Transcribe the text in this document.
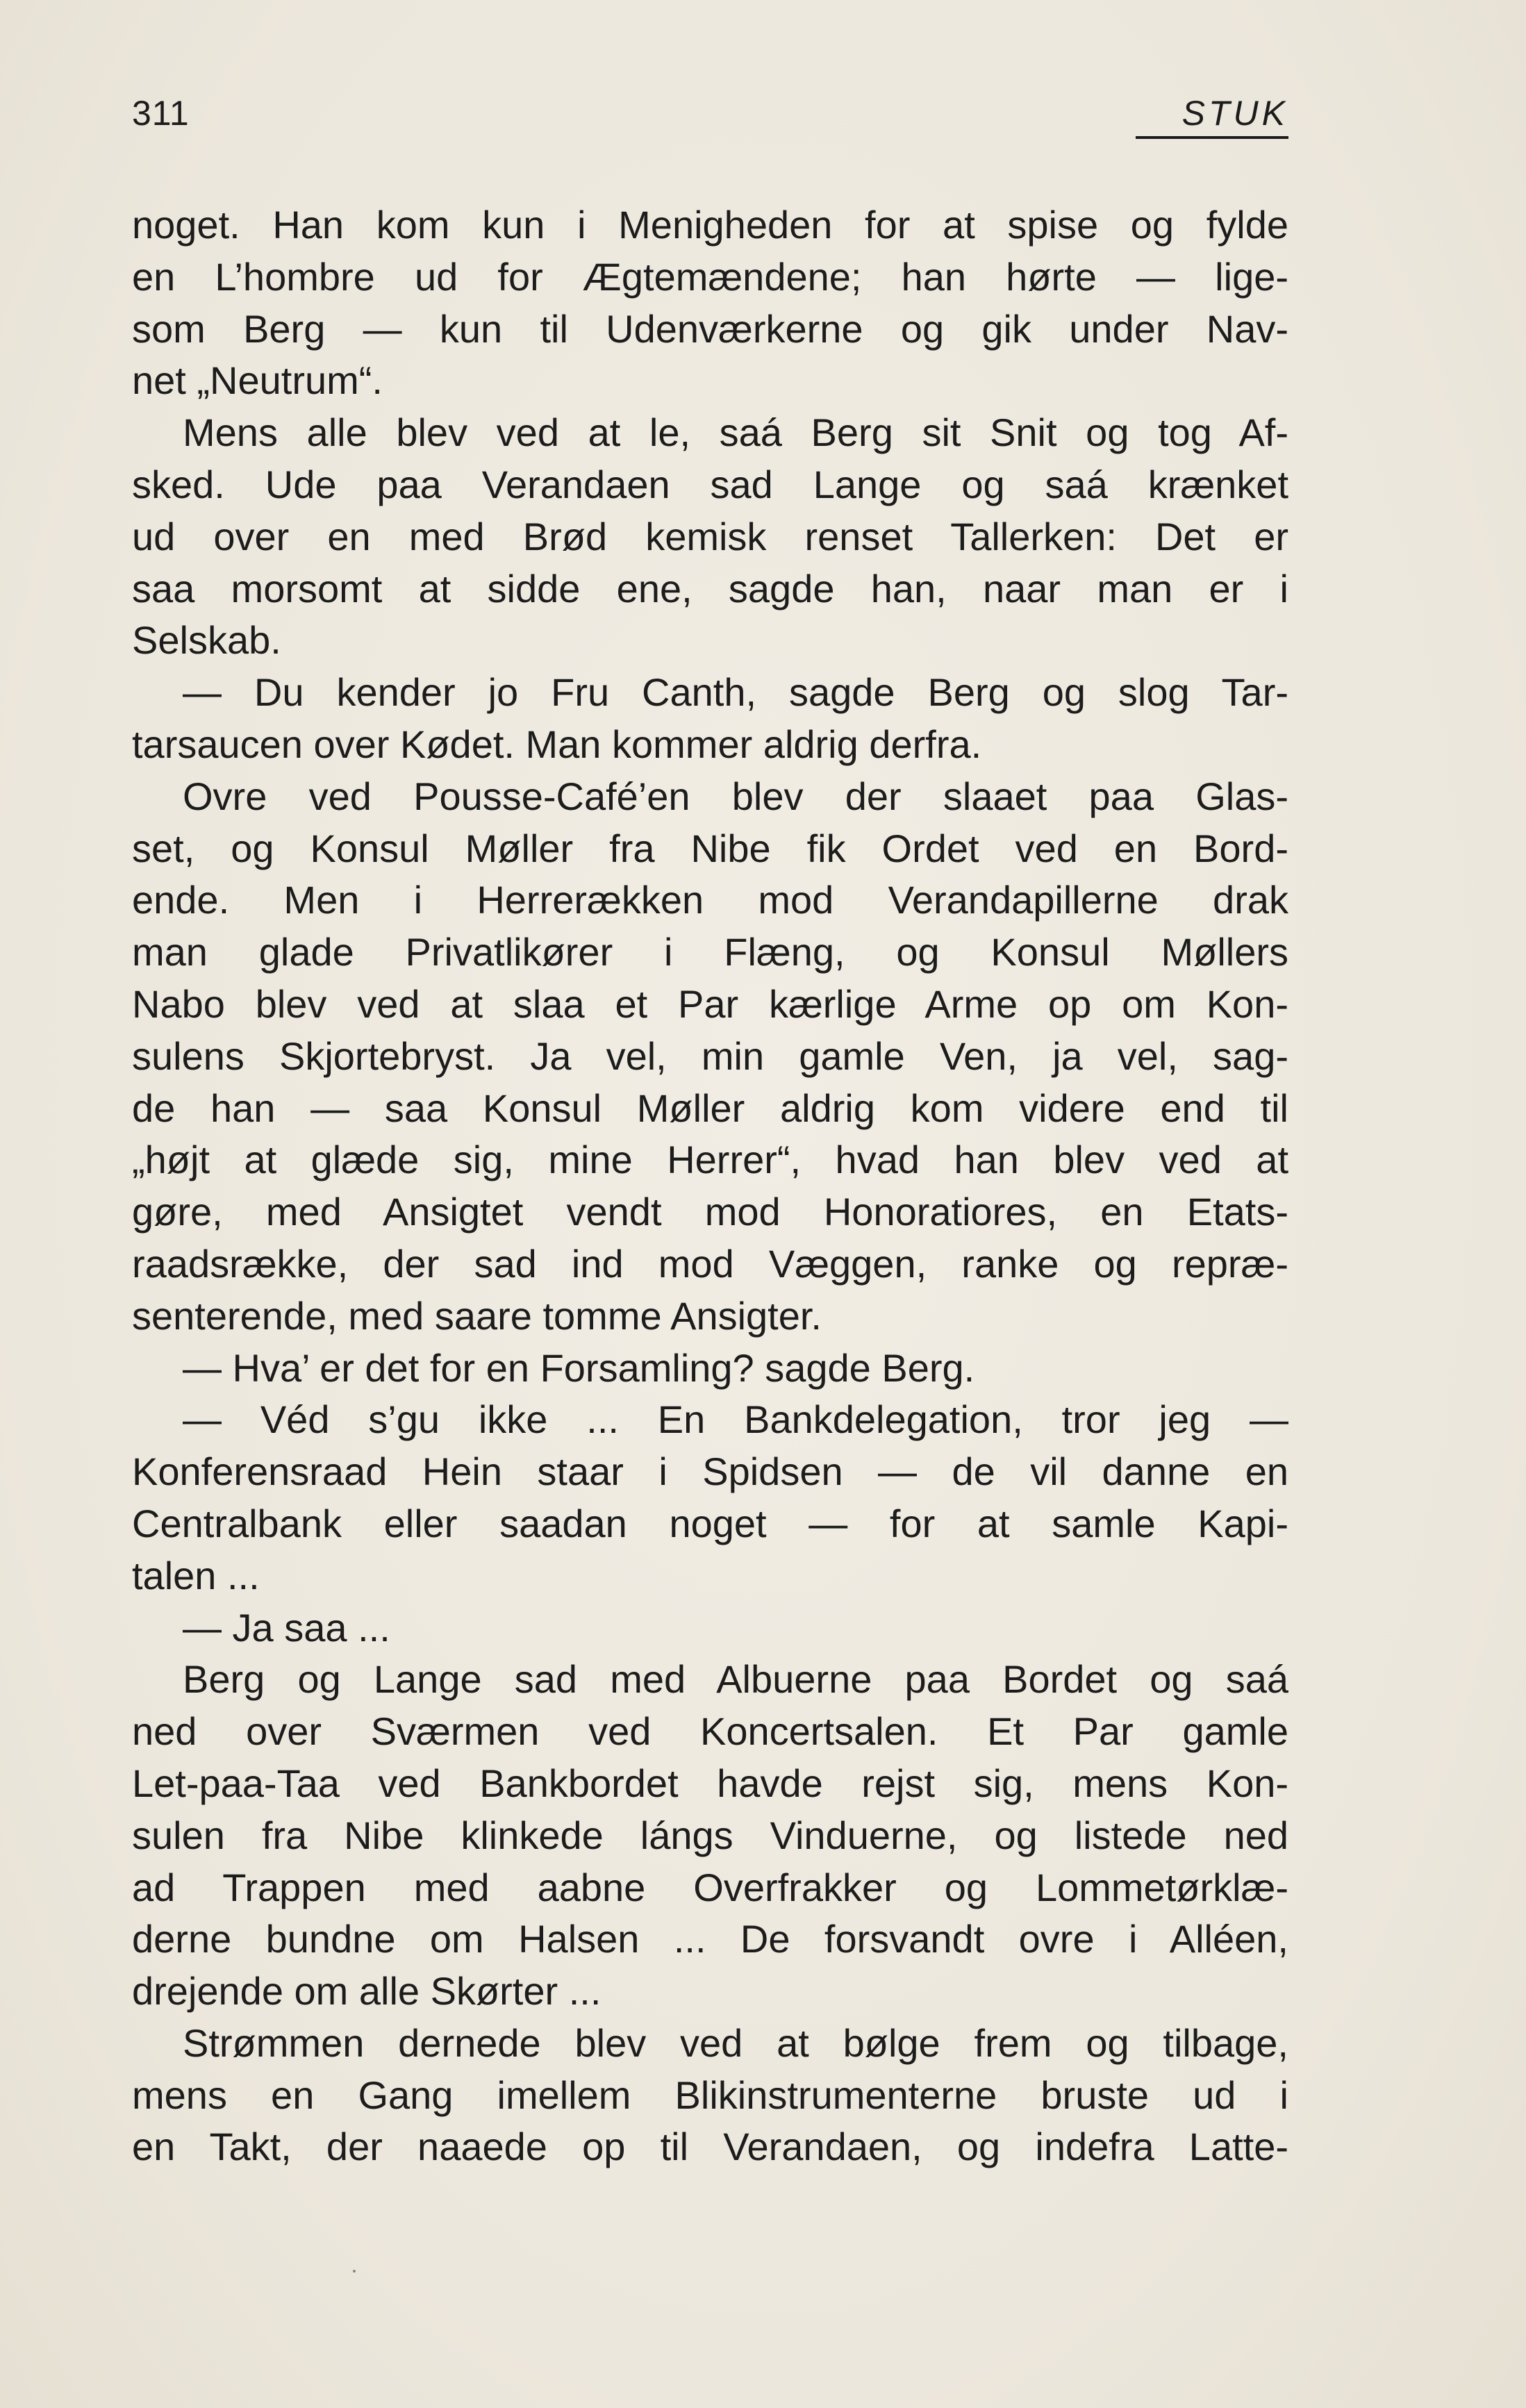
311	STUK
noget. Han kom kun i Menigheden for at spise og fylde
en L’hombre ud for Ægtemændene; han hørte — lige-
som Berg — kun til Udenværkerne og gik under Nav-
net „Neutrum“.
Mens alle blev ved at le, saá Berg sit Snit og tog Af-
sked. Ude paa Verandaen sad Lange og saá krænket
ud over en med Brød kemisk renset Tallerken: Det er
saa morsomt at sidde ene, sagde han, naar man er i
Selskab.
— Du kender jo Fru Canth, sagde Berg og slog Tar-
tarsaucen over Kødet. Man kommer aldrig derfra.
Ovre ved Pousse-Café’en blev der slaaet paa Glas-
set, og Konsul Møller fra Nibe fik Ordet ved en Bord-
ende. Men i Herrerækken mod Verandapillerne drak
man glade Privatlikører i Flæng, og Konsul Møllers
Nabo blev ved at slaa et Par kærlige Arme op om Kon-
sulens Skjortebryst. Ja vel, min gamle Ven, ja vel, sag-
de han — saa Konsul Møller aldrig kom videre end til
„højt at glæde sig, mine Herrer“, hvad han blev ved at
gøre, med Ansigtet vendt mod Honoratiores, en Etats-
raadsrække, der sad ind mod Væggen, ranke og repræ-
senterende, med saare tomme Ansigter.
— Hva’ er det for en Forsamling? sagde Berg.
— Véd s’gu ikke ... En Bankdelegation, tror jeg —
Konferensraad Hein staar i Spidsen — de vil danne en
Centralbank eller saadan noget — for at samle Kapi-
talen ...
— Ja saa ...
Berg og Lange sad med Albuerne paa Bordet og saá
ned over Sværmen ved Koncertsalen. Et Par gamle
Let-paa-Taa ved Bankbordet havde rejst sig, mens Kon-
sulen fra Nibe klinkede lángs Vinduerne, og listede ned
ad Trappen med aabne Overfrakker og Lommetørklæ-
derne bundne om Halsen ... De forsvandt ovre i Alléen,
drejende om alle Skørter ...
Strømmen dernede blev ved at bølge frem og tilbage,
mens en Gang imellem Blikinstrumenterne bruste ud i
en Takt, der naaede op til Verandaen, og indefra Latte-
